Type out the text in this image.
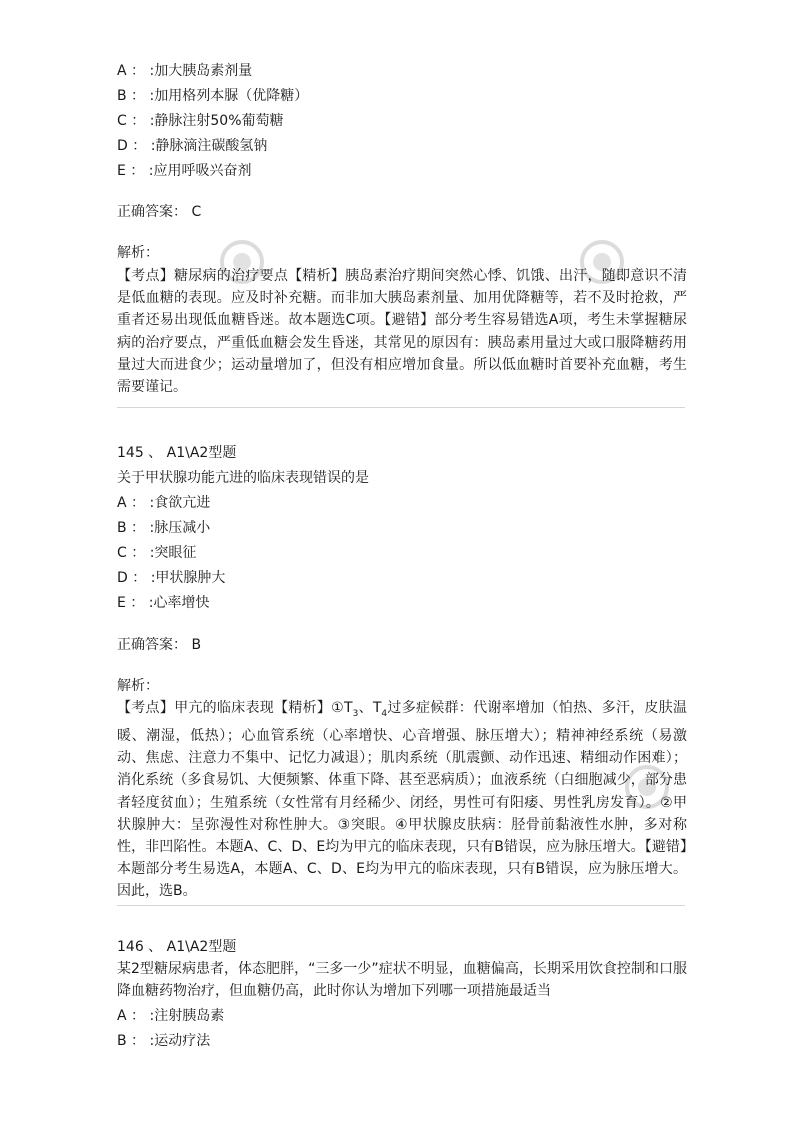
A ： :加大胰岛素剂量
B ： :加用格列本脲（优降糖）
C ： :静脉注射50%葡萄糖
D ： :静脉滴注碳酸氢钠
E ： :应用呼吸兴奋剂
正确答案： C
解析：
【考点】糖尿病的治疗要点【精析】胰岛素治疗期间突然心悸、饥饿、出汗，随即意识不清是低血糖的表现。应及时补充糖。而非加大胰岛素剂量、加用优降糖等，若不及时抢救，严重者还易出现低血糖昏迷。故本题选C项。【避错】部分考生容易错选A项，考生未掌握糖尿病的治疗要点，严重低血糖会发生昏迷，其常见的原因有：胰岛素用量过大或口服降糖药用量过大而进食少；运动量增加了，但没有相应增加食量。所以低血糖时首要补充血糖，考生需要谨记。
145 、 A1\A2型题
关于甲状腺功能亢进的临床表现错误的是
A ： :食欲亢进
B ： :脉压减小
C ： :突眼征
D ： :甲状腺肿大
E ： :心率增快
正确答案： B
解析：
【考点】甲亢的临床表现【精析】$①T_3$、$T_4$过多症候群：代谢率增加（怕热、多汗，皮肤温暖、潮湿，低热）；心血管系统（心率增快、心音增强、脉压增大）；精神神经系统（易激动、焦虑、注意力不集中、记忆力减退）；肌肉系统（肌震颤、动作迅速、精细动作困难）；消化系统（多食易饥、大便频繁、体重下降、甚至恶病质）；血液系统（白细胞减少，部分患者轻度贫血）；生殖系统（女性常有月经稀少、闭经，男性可有阳痿、男性乳房发育）。②甲状腺肿大：呈弥漫性对称性肿大。③突眼。④甲状腺皮肤病：胫骨前黏液性水肿，多对称性，非凹陷性。本题A、C、D、E均为甲亢的临床表现，只有B错误，应为脉压增大。【避错】本题部分考生易选A，本题A、C、D、E均为甲亢的临床表现，只有B错误，应为脉压增大。因此，选B。
146 、 A1\A2型题
某2型糖尿病患者，体态肥胖，“三多一少”症状不明显，血糖偏高，长期采用饮食控制和口服降血糖药物治疗，但血糖仍高，此时你认为增加下列哪一项措施最适当
A ： :注射胰岛素
B ： :运动疗法
